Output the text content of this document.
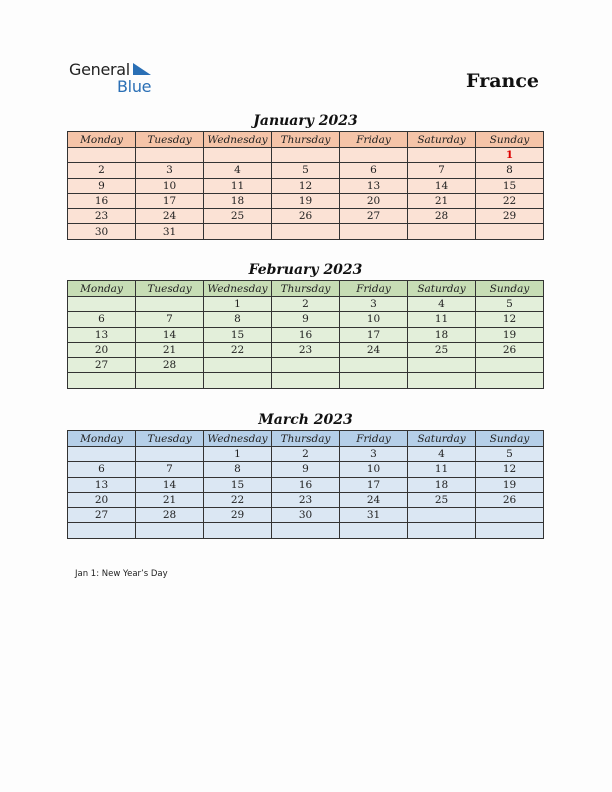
General
Blue	France
January 2023
Monday	Tuesday	Wednesday	Thursday	Friday	Saturday	Sunday
						1
2	3	4	5	6	7	8
9	10	11	12	13	14	15
16	17	18	19	20	21	22
23	24	25	26	27	28	29
30	31					
February 2023
Monday	Tuesday	Wednesday	Thursday	Friday	Saturday	Sunday
		1	2	3	4	5
6	7	8	9	10	11	12
13	14	15	16	17	18	19
20	21	22	23	24	25	26
27	28					

March 2023
Monday	Tuesday	Wednesday	Thursday	Friday	Saturday	Sunday
		1	2	3	4	5
6	7	8	9	10	11	12
13	14	15	16	17	18	19
20	21	22	23	24	25	26
27	28	29	30	31		

Jan 1: New Year’s Day
